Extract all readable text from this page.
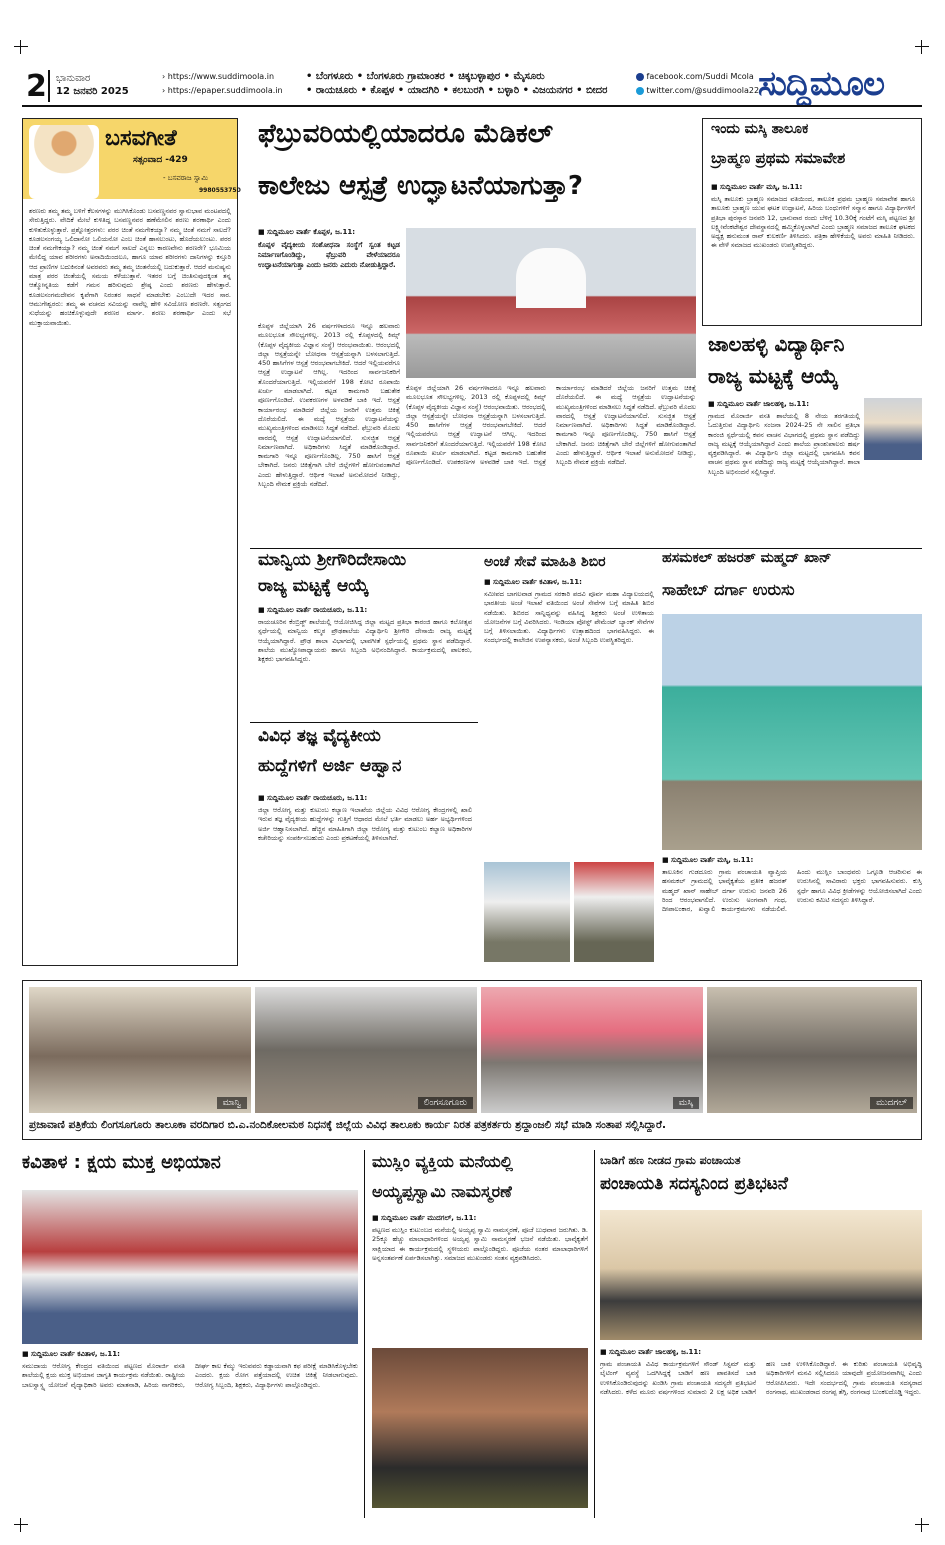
2 ಭಾನುವಾರ
12 ಜನವರಿ 2025
› https://www.suddimoola.in
› https://epaper.suddimoola.in
• ಬೆಂಗಳೂರು • ಬೆಂಗಳೂರು ಗ್ರಾಮಾಂತರ • ಚಿಕ್ಕಬಳ್ಳಾಪುರ • ಮೈಸೂರು
• ರಾಯಚೂರು • ಕೊಪ್ಪಳ • ಯಾದಗಿರಿ • ಕಲಬುರಗಿ • ಬಳ್ಳಾರಿ • ವಿಜಯನಗರ • ಬೀದರ
facebook.com/Suddi Mcola
twitter.com/@suddimoola22
ಸುದ್ದಿಮೂಲ
ಬಸವಗೀತೆ
ಸತ್ಸಂವಾದ -429
- ಬಸವರಾಜ ಸ್ವಾಮಿ
9980553750
ಶರಣರು ತಮ್ಮ ತಮ್ಮ ಬಳಿಗೆ ಕೆಲಸಗಳನ್ನು ಮುಗಿಸಿಕೊಂಡು ಬಸವಣ್ಣನವರ ಸ್ವಾನುಭಾವ ಮಂಟಪದಲ್ಲಿ ಸೇರುತ್ತಿದ್ದರು. ವೇದಿಕೆ ಮೇಲೆ ಕುಳಿತಿದ್ದ ಬಸವಣ್ಣನವರ ಹಣೆಮೇಲಿನ ಶರಣು ಶರಣಾರ್ಥಿ ಎಂದು ಕುಳಿತುಕೊಳ್ಳುತ್ತಾರೆ. ಪ್ರಶ್ನೋತ್ತರಗಳು: ಪರರ ಚಿಂತೆ ನಮಗೇಕಯ್ಯಾ? ನಮ್ಮ ಚಿಂತೆ ನಮಗೆ ಸಾಲದೆ? ಕೂಡಲಸಂಗಯ್ಯ ಒಲಿದಾನೋ ಒಲಿಯನೋ ಎಂಬ ಚಿಂತೆ ಹಾಸಲುಂಟು, ಹೊದೆಯಲುಂಟು. ಪರರ ಚಿಂತೆ ನಮಗೇಕಯ್ಯಾ? ನಮ್ಮ ಚಿಂತೆ ನಮಗೆ ಸಾಲದೆ ಎನ್ನಲು ಕಾರಣವೇನು ಶರಣರೇ? ಭೂಮಿಯ ಮೇಲಿದ್ದ ಯಾವ ಶರೀರಗಳು ಅನಾದಿಯಿಂದಲೂ, ಹಾಗೂ ಯಾವ ಶರೀರಗಳು ದಾನಿಗಳನ್ನು ಕಸ್ತೂರಿ ಆದ ಪ್ರಾಣಿಗಳ ಬದುಕಿನಂತೆ ಅವರವರು ತಮ್ಮ ತಮ್ಮ ಚಿಂತನೆಯಲ್ಲಿ ಬದುಕುತ್ತಾರೆ. ಆದರೆ ಮನುಷ್ಯನು ಮಾತ್ರ ಪರರ ಚಿಂತೆಯಲ್ಲಿ ಸಮಯ ಕಳೆಯುತ್ತಾನೆ. ಇತರರ ಬಗ್ಗೆ ಚಿಂತಿಸುವುದಕ್ಕಿಂತ ತನ್ನ ಆತ್ಮೋನ್ನತಿಯ ಕಡೆಗೆ ಗಮನ ಹರಿಸುವುದು ಶ್ರೇಷ್ಠ ಎಂದು ಶರಣರು ಹೇಳುತ್ತಾರೆ. ಕೂಡಲಸಂಗಮದೇವನ ಕೃಪೆಗಾಗಿ ನಿರಂತರ ಸಾಧನೆ ಮಾಡಬೇಕು ಎಂಬುದೇ ಇದರ ಸಾರ. ಆಮುಗೇಶ್ವರರು: ತಮ್ಮ ಈ ವಚನದ ಸವಿಯನ್ನು ನಾವೆಲ್ಲ ಹೇಳಿ ಸವಿಯೋಣ ಶರಣರೇ. ಸತ್ಸಂಗದ ಸುಧೆಯನ್ನು ಹಂಚಿಕೊಳ್ಳುವುದೇ ಶರಣರ ಮಾರ್ಗ. ಶರಣು ಶರಣಾರ್ಥಿ ಎಂದು ಸಭೆ ಮುಕ್ತಾಯವಾಯಿತು.
ಫೆಬ್ರುವರಿಯಲ್ಲಿಯಾದರೂ ಮೆಡಿಕಲ್
ಕಾಲೇಜು ಆಸ್ಪತ್ರೆ ಉದ್ಘಾಟನೆಯಾಗುತ್ತಾ?
■ ಸುದ್ದಿಮೂಲ ವಾರ್ತೆ ಕೊಪ್ಪಳ, ಜ.11:
ಕೊಪ್ಪಳ ವೈದ್ಯಕೀಯ ಸಂಶೋಧನಾ ಸಂಸ್ಥೆಗೆ ಸ್ವಂತ ಕಟ್ಟಡ ನಿರ್ಮಾಣಗೊಂಡಿದ್ದು, ಫೆಬ್ರುವರಿ ವೇಳೆಯಾದರೂ ಉದ್ಘಾಟನೆಯಾಗುತ್ತಾ ಎಂದು ಜನರು ಎದುರು ನೋಡುತ್ತಿದ್ದಾರೆ.
ಕೊಪ್ಪಳ ಜಿಲ್ಲೆಯಾಗಿ 26 ವರ್ಷಗಳಾದರೂ ಇನ್ನೂ ಹಲವಾರು ಮೂಲಭೂತ ಸೌಲಭ್ಯಗಳಿಲ್ಲ. 2013 ರಲ್ಲಿ ಕೊಪ್ಪಳದಲ್ಲಿ ಕಿಮ್ಸ್ (ಕೊಪ್ಪಳ ವೈದ್ಯಕೀಯ ವಿಜ್ಞಾನ ಸಂಸ್ಥೆ) ಆರಂಭವಾಯಿತು. ಆರಂಭದಲ್ಲಿ ಜಿಲ್ಲಾ ಆಸ್ಪತ್ರೆಯನ್ನೇ ಬೋಧನಾ ಆಸ್ಪತ್ರೆಯನ್ನಾಗಿ ಬಳಸಲಾಗುತ್ತಿದೆ. 450 ಹಾಸಿಗೆಗಳ ಆಸ್ಪತ್ರೆ ಆರಂಭವಾಗಬೇಕಿದೆ. ಆದರೆ ಇಲ್ಲಿಯವರೆಗೂ ಆಸ್ಪತ್ರೆ ಉದ್ಘಾಟನೆ ಆಗಿಲ್ಲ. ಇದರಿಂದ ಸಾರ್ವಜನಿಕರಿಗೆ ತೊಂದರೆಯಾಗುತ್ತಿದೆ. ಇಲ್ಲಿಯವರೆಗೆ 198 ಕೋಟಿ ರೂಪಾಯಿ ಖರ್ಚು ಮಾಡಲಾಗಿದೆ. ಕಟ್ಟಡ ಕಾಮಗಾರಿ ಬಹುತೇಕ ಪೂರ್ಣಗೊಂಡಿದೆ. ಉಪಕರಣಗಳ ಅಳವಡಿಕೆ ಬಾಕಿ ಇದೆ. ಆಸ್ಪತ್ರೆ ಕಾರ್ಯಾರಂಭ ಮಾಡಿದರೆ ಜಿಲ್ಲೆಯ ಜನರಿಗೆ ಉತ್ತಮ ಚಿಕಿತ್ಸೆ ದೊರೆಯಲಿದೆ. ಈ ಮಧ್ಯೆ ಆಸ್ಪತ್ರೆಯ ಉದ್ಘಾಟನೆಯನ್ನು ಮುಖ್ಯಮಂತ್ರಿಗಳಿಂದ ಮಾಡಿಸಲು ಸಿದ್ಧತೆ ನಡೆದಿದೆ. ಫೆಬ್ರುವರಿ ಮೊದಲ ವಾರದಲ್ಲಿ ಆಸ್ಪತ್ರೆ ಉದ್ಘಾಟನೆಯಾಗಲಿದೆ. ಸುಸಜ್ಜಿತ ಆಸ್ಪತ್ರೆ ನಿರ್ಮಾಣವಾಗಿದೆ. ಅಧಿಕಾರಿಗಳು ಸಿದ್ಧತೆ ಮಾಡಿಕೊಂಡಿದ್ದಾರೆ. ಕಾಮಗಾರಿ ಇನ್ನೂ ಪೂರ್ಣಗೊಂಡಿಲ್ಲ. 750 ಹಾಸಿಗೆ ಆಸ್ಪತ್ರೆ ಬೇಕಾಗಿದೆ. ಜನರು ಚಿಕಿತ್ಸೆಗಾಗಿ ಬೇರೆ ಜಿಲ್ಲೆಗಳಿಗೆ ಹೋಗುವಂತಾಗಿದೆ ಎಂದು ಹೇಳುತ್ತಿದ್ದಾರೆ. ಆರ್ಥಿಕ ಇಲಾಖೆ ಅನುಮೋದನೆ ನೀಡಿದ್ದು, ಸಿಬ್ಬಂದಿ ನೇಮಕ ಪ್ರಕ್ರಿಯೆ ನಡೆದಿದೆ.
ಕೊಪ್ಪಳ ಜಿಲ್ಲೆಯಾಗಿ 26 ವರ್ಷಗಳಾದರೂ ಇನ್ನೂ ಹಲವಾರು ಮೂಲಭೂತ ಸೌಲಭ್ಯಗಳಿಲ್ಲ. 2013 ರಲ್ಲಿ ಕೊಪ್ಪಳದಲ್ಲಿ ಕಿಮ್ಸ್ (ಕೊಪ್ಪಳ ವೈದ್ಯಕೀಯ ವಿಜ್ಞಾನ ಸಂಸ್ಥೆ) ಆರಂಭವಾಯಿತು. ಆರಂಭದಲ್ಲಿ ಜಿಲ್ಲಾ ಆಸ್ಪತ್ರೆಯನ್ನೇ ಬೋಧನಾ ಆಸ್ಪತ್ರೆಯನ್ನಾಗಿ ಬಳಸಲಾಗುತ್ತಿದೆ. 450 ಹಾಸಿಗೆಗಳ ಆಸ್ಪತ್ರೆ ಆರಂಭವಾಗಬೇಕಿದೆ. ಆದರೆ ಇಲ್ಲಿಯವರೆಗೂ ಆಸ್ಪತ್ರೆ ಉದ್ಘಾಟನೆ ಆಗಿಲ್ಲ. ಇದರಿಂದ ಸಾರ್ವಜನಿಕರಿಗೆ ತೊಂದರೆಯಾಗುತ್ತಿದೆ. ಇಲ್ಲಿಯವರೆಗೆ 198 ಕೋಟಿ ರೂಪಾಯಿ ಖರ್ಚು ಮಾಡಲಾಗಿದೆ. ಕಟ್ಟಡ ಕಾಮಗಾರಿ ಬಹುತೇಕ ಪೂರ್ಣಗೊಂಡಿದೆ. ಉಪಕರಣಗಳ ಅಳವಡಿಕೆ ಬಾಕಿ ಇದೆ. ಆಸ್ಪತ್ರೆ ಕಾರ್ಯಾರಂಭ ಮಾಡಿದರೆ ಜಿಲ್ಲೆಯ ಜನರಿಗೆ ಉತ್ತಮ ಚಿಕಿತ್ಸೆ ದೊರೆಯಲಿದೆ. ಈ ಮಧ್ಯೆ ಆಸ್ಪತ್ರೆಯ ಉದ್ಘಾಟನೆಯನ್ನು ಮುಖ್ಯಮಂತ್ರಿಗಳಿಂದ ಮಾಡಿಸಲು ಸಿದ್ಧತೆ ನಡೆದಿದೆ. ಫೆಬ್ರುವರಿ ಮೊದಲ ವಾರದಲ್ಲಿ ಆಸ್ಪತ್ರೆ ಉದ್ಘಾಟನೆಯಾಗಲಿದೆ. ಸುಸಜ್ಜಿತ ಆಸ್ಪತ್ರೆ ನಿರ್ಮಾಣವಾಗಿದೆ. ಅಧಿಕಾರಿಗಳು ಸಿದ್ಧತೆ ಮಾಡಿಕೊಂಡಿದ್ದಾರೆ. ಕಾಮಗಾರಿ ಇನ್ನೂ ಪೂರ್ಣಗೊಂಡಿಲ್ಲ. 750 ಹಾಸಿಗೆ ಆಸ್ಪತ್ರೆ ಬೇಕಾಗಿದೆ. ಜನರು ಚಿಕಿತ್ಸೆಗಾಗಿ ಬೇರೆ ಜಿಲ್ಲೆಗಳಿಗೆ ಹೋಗುವಂತಾಗಿದೆ ಎಂದು ಹೇಳುತ್ತಿದ್ದಾರೆ. ಆರ್ಥಿಕ ಇಲಾಖೆ ಅನುಮೋದನೆ ನೀಡಿದ್ದು, ಸಿಬ್ಬಂದಿ ನೇಮಕ ಪ್ರಕ್ರಿಯೆ ನಡೆದಿದೆ.
ಇಂದು ಮಸ್ಕಿ ತಾಲೂಕ
ಬ್ರಾಹ್ಮಣ ಪ್ರಥಮ ಸಮಾವೇಶ
■ ಸುದ್ದಿಮೂಲ ವಾರ್ತೆ ಮಸ್ಕಿ, ಜ.11:
ಮಸ್ಕಿ ತಾಲೂಕು ಬ್ರಾಹ್ಮಣ ಸಮಾಜದ ವತಿಯಿಂದ, ತಾಲೂಕ ಪ್ರಥಮ ಬ್ರಾಹ್ಮಣ ಸಮಾವೇಶ ಹಾಗೂ ತಾಲೂಕು ಬ್ರಾಹ್ಮಣ ಯುವ ಘಟಕ ಉದ್ಘಾಟನೆ, ಹಿರಿಯ ಬಂಧುಗಳಿಗೆ ಸನ್ಮಾನ ಹಾಗೂ ವಿದ್ಯಾರ್ಥಿಗಳಿಗೆ ಪ್ರತಿಭಾ ಪುರಸ್ಕಾರ ಜನವರಿ 12, ಭಾನುವಾರ ರಂದು ಬೆಳಿಗ್ಗೆ 10.30ಕ್ಕೆ ಗಂಟೆಗೆ ಮಸ್ಕಿ ಪಟ್ಟಣದ ಶ್ರೀ ಲಕ್ಷ್ಮೀವೆಂಕಟೇಶ್ವರ ದೇವಸ್ಥಾನದಲ್ಲಿ ಹಮ್ಮಿಕೊಳ್ಳಲಾಗಿದೆ ಎಂದು ಬ್ರಾಹ್ಮಣ ಸಮಾಜದ ತಾಲೂಕ ಘಟಕದ ಅಧ್ಯಕ್ಷ ಹನುಮಂತ ರಾವ್ ಕುಲಕರ್ಣಿ ತಿಳಿಸಿದರು. ಪತ್ರಿಕಾ ಹೇಳಿಕೆಯಲ್ಲಿ ಅವರು ಮಾಹಿತಿ ನೀಡಿದರು. ಈ ವೇಳೆ ಸಮಾಜದ ಮುಖಂಡರು ಉಪಸ್ಥಿತರಿದ್ದರು.
ಜಾಲಹಳ್ಳಿ ವಿದ್ಯಾರ್ಥಿನಿ
ರಾಜ್ಯ ಮಟ್ಟಕ್ಕೆ ಆಯ್ಕೆ
■ ಸುದ್ದಿಮೂಲ ವಾರ್ತೆ ಜಾಲಹಳ್ಳಿ, ಜ.11:
ಗ್ರಾಮದ ಮೊರಾರ್ಜಿ ವಸತಿ ಶಾಲೆಯಲ್ಲಿ 8 ನೇಯ ತರಗತಿಯಲ್ಲಿ ಓದುತ್ತಿರುವ ವಿದ್ಯಾರ್ಥಿನಿ ಸಂಜನಾ 2024-25 ನೇ ಸಾಲಿನ ಪ್ರತಿಭಾ ಕಾರಂಜಿ ಸ್ಪರ್ಧೆಯಲ್ಲಿ ಕವನ ವಾಚನ ವಿಭಾಗದಲ್ಲಿ ಪ್ರಥಮ ಸ್ಥಾನ ಪಡೆದಿದ್ದು ರಾಜ್ಯ ಮಟ್ಟಕ್ಕೆ ಆಯ್ಕೆಯಾಗಿದ್ದಾರೆ ಎಂದು ಶಾಲೆಯ ಪ್ರಾಂಶುಪಾಲರು ಹರ್ಷ ವ್ಯಕ್ತಪಡಿಸಿದ್ದಾರೆ. ಈ ವಿದ್ಯಾರ್ಥಿನಿ ಜಿಲ್ಲಾ ಮಟ್ಟದಲ್ಲಿ ಭಾಗವಹಿಸಿ ಕವನ ವಾಚನ ಪ್ರಥಮ ಸ್ಥಾನ ಪಡೆದಿದ್ದು ರಾಜ್ಯ ಮಟ್ಟಕ್ಕೆ ಆಯ್ಕೆಯಾಗಿದ್ದಾರೆ. ಶಾಲಾ ಸಿಬ್ಬಂದಿ ಅಭಿನಂದನೆ ಸಲ್ಲಿಸಿದ್ದಾರೆ.
ಮಾನ್ವಿಯ ಶ್ರೀಗೌರಿದೇಸಾಯಿ
ರಾಜ್ಯ ಮಟ್ಟಕ್ಕೆ ಆಯ್ಕೆ
■ ಸುದ್ದಿಮೂಲ ವಾರ್ತೆ ರಾಯಚೂರು, ಜ.11:
ರಾಯಚೂರಿನ ಕೆಂಬ್ರಿಡ್ಜ್ ಶಾಲೆಯಲ್ಲಿ ಆಯೋಜಿಸಿದ್ದ ಜಿಲ್ಲಾ ಮಟ್ಟದ ಪ್ರತಿಭಾ ಕಾರಂಜಿ ಹಾಗೂ ಕಲೋತ್ಸವ ಸ್ಪರ್ಧೆಯಲ್ಲಿ ಮಾನ್ವಿಯ ಕಲ್ಮಠ ಪ್ರೌಢಶಾಲೆಯ ವಿದ್ಯಾರ್ಥಿನಿ ಶ್ರೀಗೌರಿ ದೇಸಾಯಿ ರಾಜ್ಯ ಮಟ್ಟಕ್ಕೆ ಆಯ್ಕೆಯಾಗಿದ್ದಾರೆ. ಪ್ರೌಢ ಶಾಲಾ ವಿಭಾಗದಲ್ಲಿ ಭಾವಗೀತೆ ಸ್ಪರ್ಧೆಯಲ್ಲಿ ಪ್ರಥಮ ಸ್ಥಾನ ಪಡೆದಿದ್ದಾರೆ. ಶಾಲೆಯ ಮುಖ್ಯೋಪಾಧ್ಯಾಯರು ಹಾಗೂ ಸಿಬ್ಬಂದಿ ಅಭಿನಂದಿಸಿದ್ದಾರೆ. ಕಾರ್ಯಕ್ರಮದಲ್ಲಿ ಪಾಲಕರು, ಶಿಕ್ಷಕರು ಭಾಗವಹಿಸಿದ್ದರು.
ಅಂಚೆ ಸೇವೆ ಮಾಹಿತಿ ಶಿಬಿರ
■ ಸುದ್ದಿಮೂಲ ವಾರ್ತೆ ಕವಿತಾಳ, ಜ.11:
ಸಮೀಪದ ಬಾಗಲವಾಡ ಗ್ರಾಮದ ಸರಕಾರಿ ಪದವಿ ಪೂರ್ವ ಮಹಾ ವಿದ್ಯಾಲಯದಲ್ಲಿ ಭಾರತೀಯ ಅಂಚೆ ಇಲಾಖೆ ವತಿಯಿಂದ ಅಂಚೆ ಸೇವೆಗಳ ಬಗ್ಗೆ ಮಾಹಿತಿ ಶಿಬಿರ ನಡೆಯಿತು. ಶಿಬಿರದ ಸಾನ್ನಿಧ್ಯವನ್ನು ವಹಿಸಿದ್ದ ಶಿಕ್ಷಕರು ಅಂಚೆ ಉಳಿತಾಯ ಯೋಜನೆಗಳ ಬಗ್ಗೆ ವಿವರಿಸಿದರು. ಇಂಡಿಯಾ ಪೋಸ್ಟ್ ಪೇಮೆಂಟ್ ಬ್ಯಾಂಕ್ ಸೇವೆಗಳ ಬಗ್ಗೆ ತಿಳಿಸಲಾಯಿತು. ವಿದ್ಯಾರ್ಥಿಗಳು ಉತ್ಸಾಹದಿಂದ ಭಾಗವಹಿಸಿದ್ದರು. ಈ ಸಂದರ್ಭದಲ್ಲಿ ಕಾಲೇಜಿನ ಉಪನ್ಯಾಸಕರು, ಅಂಚೆ ಸಿಬ್ಬಂದಿ ಉಪಸ್ಥಿತರಿದ್ದರು.
ಹಸಮಕಲ್ ಹಜರತ್ ಮಹ್ಮದ್ ಖಾನ್
ಸಾಹೇಬ್ ದರ್ಗಾ ಉರುಸು
■ ಸುದ್ದಿಮೂಲ ವಾರ್ತೆ ಮಸ್ಕಿ, ಜ.11:
ತಾಲೂಕಿನ ಗುಡದೂರು ಗ್ರಾಮ ಪಂಚಾಯತಿ ವ್ಯಾಪ್ತಿಯ ಹಸಮಕಲ್ ಗ್ರಾಮದಲ್ಲಿ ಭಾವೈಕ್ಯತೆಯ ಪ್ರತೀಕ ಹಜರತ್ ಮಹ್ಮದ್ ಖಾನ್ ಸಾಹೇಬ್ ದರ್ಗಾ ಉರುಸು ಜನವರಿ 26 ರಿಂದ ಆರಂಭವಾಗಲಿದೆ. ಉರುಸು ಅಂಗವಾಗಿ ಗಂಧ, ದೀಪಾಲಂಕಾರ, ಖವ್ವಾಲಿ ಕಾರ್ಯಕ್ರಮಗಳು ನಡೆಯಲಿವೆ. ಹಿಂದು ಮುಸ್ಲಿಂ ಬಾಂಧವರು ಒಗ್ಗೂಡಿ ಆಚರಿಸುವ ಈ ಉರುಸಿನಲ್ಲಿ ಸಾವಿರಾರು ಭಕ್ತರು ಭಾಗವಹಿಸುವರು. ಕುಸ್ತಿ ಸ್ಪರ್ಧೆ ಹಾಗೂ ವಿವಿಧ ಕ್ರೀಡೆಗಳನ್ನು ಆಯೋಜಿಸಲಾಗಿದೆ ಎಂದು ಉರುಸು ಕಮಿಟಿ ಸದಸ್ಯರು ತಿಳಿಸಿದ್ದಾರೆ.
ವಿವಿಧ ತಜ್ಞ ವೈದ್ಯಕೀಯ
ಹುದ್ದೆಗಳಿಗೆ ಅರ್ಜಿ ಆಹ್ವಾನ
■ ಸುದ್ದಿಮೂಲ ವಾರ್ತೆ ರಾಯಚೂರು, ಜ.11:
ಜಿಲ್ಲಾ ಆರೋಗ್ಯ ಮತ್ತು ಕುಟುಂಬ ಕಲ್ಯಾಣ ಇಲಾಖೆಯ ಜಿಲ್ಲೆಯ ವಿವಿಧ ಆರೋಗ್ಯ ಕೇಂದ್ರಗಳಲ್ಲಿ ಖಾಲಿ ಇರುವ ತಜ್ಞ ವೈದ್ಯಕೀಯ ಹುದ್ದೆಗಳನ್ನು ಗುತ್ತಿಗೆ ಆಧಾರದ ಮೇಲೆ ಭರ್ತಿ ಮಾಡಲು ಅರ್ಹ ಅಭ್ಯರ್ಥಿಗಳಿಂದ ಅರ್ಜಿ ಆಹ್ವಾನಿಸಲಾಗಿದೆ. ಹೆಚ್ಚಿನ ಮಾಹಿತಿಗಾಗಿ ಜಿಲ್ಲಾ ಆರೋಗ್ಯ ಮತ್ತು ಕುಟುಂಬ ಕಲ್ಯಾಣ ಅಧಿಕಾರಿಗಳ ಕಚೇರಿಯನ್ನು ಸಂಪರ್ಕಿಸಬಹುದು ಎಂದು ಪ್ರಕಟಣೆಯಲ್ಲಿ ತಿಳಿಸಲಾಗಿದೆ.
ಮಾನ್ವಿ	ಲಿಂಗಸೂಗೂರು	ಮಸ್ಕಿ	ಮುದಗಲ್
ಪ್ರಜಾವಾಣಿ ಪತ್ರಿಕೆಯ ಲಿಂಗಸೂಗೂರು ತಾಲೂಕಾ ವರದಿಗಾರ ಬಿ.ಎ.ನಂದಿಕೋಲಮಠ ನಿಧನಕ್ಕೆ ಜಿಲ್ಲೆಯ ವಿವಿಧ ತಾಲೂಕು ಕಾರ್ಯ ನಿರತ ಪತ್ರಕರ್ತರು ಶ್ರದ್ಧಾಂಜಲಿ ಸಭೆ ಮಾಡಿ ಸಂತಾಪ ಸಲ್ಲಿಸಿದ್ದಾರೆ.
ಕವಿತಾಳ : ಕ್ಷಯ ಮುಕ್ತ ಅಭಿಯಾನ
■ ಸುದ್ದಿಮೂಲ ವಾರ್ತೆ ಕವಿತಾಳ, ಜ.11:
ಸಮುದಾಯ ಆರೋಗ್ಯ ಕೇಂದ್ರದ ವತಿಯಿಂದ ಪಟ್ಟಣದ ಮೊರಾರ್ಜಿ ವಸತಿ ಶಾಲೆಯಲ್ಲಿ ಕ್ಷಯ ಮುಕ್ತ ಅಭಿಯಾನ ಜಾಗೃತಿ ಕಾರ್ಯಕ್ರಮ ನಡೆಯಿತು. ರಾಷ್ಟ್ರೀಯ ಬಾಲಸ್ವಾಸ್ಥ್ಯ ಯೋಜನೆ ವೈದ್ಯಾಧಿಕಾರಿ ಅವರು ಮಾತನಾಡಿ, ಹಿರಿಯ ನಾಗರಿಕರು, ದೀರ್ಘ ಕಾಲ ಕೆಮ್ಮು ಇರುವವರು ಕಡ್ಡಾಯವಾಗಿ ಕಫ ಪರೀಕ್ಷೆ ಮಾಡಿಸಿಕೊಳ್ಳಬೇಕು ಎಂದರು. ಕ್ಷಯ ರೋಗ ಪತ್ತೆಯಾದಲ್ಲಿ ಉಚಿತ ಚಿಕಿತ್ಸೆ ನೀಡಲಾಗುವುದು. ಆರೋಗ್ಯ ಸಿಬ್ಬಂದಿ, ಶಿಕ್ಷಕರು, ವಿದ್ಯಾರ್ಥಿಗಳು ಪಾಲ್ಗೊಂಡಿದ್ದರು.
ಮುಸ್ಲಿಂ ವ್ಯಕ್ತಿಯ ಮನೆಯಲ್ಲಿ
ಅಯ್ಯಪ್ಪಸ್ವಾಮಿ ನಾಮಸ್ಮರಣೆ
■ ಸುದ್ದಿಮೂಲ ವಾರ್ತೆ ಮುದಗಲ್, ಜ.11:
ಪಟ್ಟಣದ ಮುಸ್ಲಿಂ ಕುಟುಂಬದ ಮನೆಯಲ್ಲಿ ಅಯ್ಯಪ್ಪ ಸ್ವಾಮಿ ನಾಮಸ್ಮರಣೆ, ಪೂಜೆ ಬುಧವಾರ ಜರುಗಿತು. ಡಿ. 25ಕ್ಕೂ ಹೆಚ್ಚು ಮಾಲಾಧಾರಿಗಳಿಂದ ಅಯ್ಯಪ್ಪ ಸ್ವಾಮಿ ನಾಮಸ್ಮರಣೆ ಭಜನೆ ನಡೆಯಿತು. ಭಾವೈಕ್ಯತೆಗೆ ಸಾಕ್ಷಿಯಾದ ಈ ಕಾರ್ಯಕ್ರಮದಲ್ಲಿ ಸ್ಥಳೀಯರು ಪಾಲ್ಗೊಂಡಿದ್ದರು. ಪೂಜೆಯ ನಂತರ ಮಾಲಾಧಾರಿಗಳಿಗೆ ಅನ್ನಸಂತರ್ಪಣೆ ಏರ್ಪಡಿಸಲಾಗಿತ್ತು. ಸಮಾಜದ ಮುಖಂಡರು ಸಂತಸ ವ್ಯಕ್ತಪಡಿಸಿದರು.
ಬಾಡಿಗೆ ಹಣ ನೀಡದ ಗ್ರಾಮ ಪಂಚಾಯತ
ಪಂಚಾಯತಿ ಸದಸ್ಯನಿಂದ ಪ್ರತಿಭಟನೆ
■ ಸುದ್ದಿಮೂಲ ವಾರ್ತೆ ಜಾಲಹಳ್ಳಿ, ಜ.11:
ಗ್ರಾಮ ಪಂಚಾಯತಿ ವಿವಿಧ ಕಾರ್ಯಕ್ರಮಗಳಿಗೆ ಸೌಂಡ್ ಸಿಸ್ಟಮ್ ಮತ್ತು ಲೈಟಿಂಗ್ ವ್ಯವಸ್ಥೆ ಒದಗಿಸಿದ್ದಕ್ಕೆ ಬಾಡಿಗೆ ಹಣ ಪಾವತಿಸದೆ ಬಾಕಿ ಉಳಿಸಿಕೊಂಡಿರುವುದನ್ನು ಖಂಡಿಸಿ ಗ್ರಾಮ ಪಂಚಾಯತಿ ಸದಸ್ಯರೇ ಪ್ರತಿಭಟನೆ ನಡೆಸಿದರು. ಕಳೆದ ಮೂರು ವರ್ಷಗಳಿಂದ ಸುಮಾರು 2 ಲಕ್ಷ ಅಧಿಕ ಬಾಡಿಗೆ ಹಣ ಬಾಕಿ ಉಳಿಸಿಕೊಂಡಿದ್ದಾರೆ. ಈ ಕುರಿತು ಪಂಚಾಯತಿ ಅಭಿವೃದ್ಧಿ ಅಧಿಕಾರಿಗಳಿಗೆ ಮನವಿ ಸಲ್ಲಿಸಿದರೂ ಯಾವುದೇ ಪ್ರಯೋಜನವಾಗಿಲ್ಲ ಎಂದು ಆರೋಪಿಸಿದರು. ಇದೇ ಸಂದರ್ಭದಲ್ಲಿ ಗ್ರಾಮ ಪಂಚಾಯತಿ ಸದಸ್ಯರಾದ ರಂಗನಾಥ, ಮುಖಂಡರಾದ ರಂಗಪ್ಪ ತೆಗ್ಗಿ, ರಂಗನಾಥ ಬುಂಕಲದೊಡ್ಡಿ ಇದ್ದರು.
